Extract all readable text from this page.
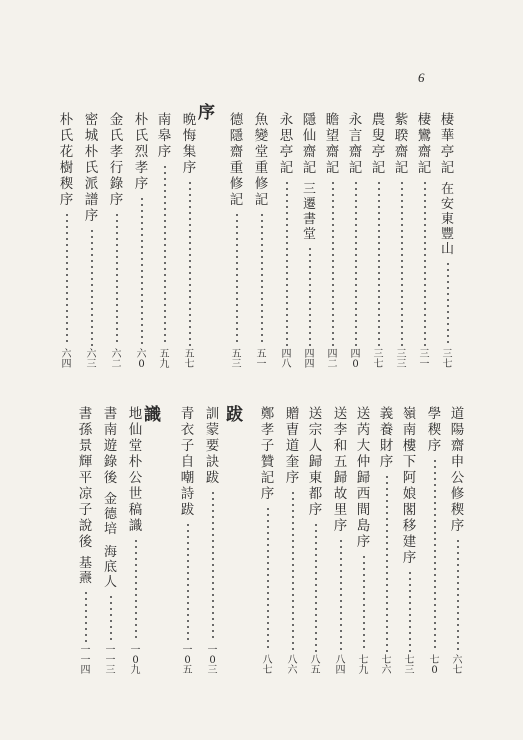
6
序
跋
識
棲
華
亭
記
在
安
東
豐
山
三
七
棲
鸞
齋
記
三
一
紫
聧
齋
記
三
三
農
叟
亭
記
三
七
永
言
齋
記
四
0
瞻
望
齋
記
四
二
隱
仙
齋
記
三
遷
書
堂
四
四
永
思
亭
記
四
八
魚
變
堂
重
修
記
五
一
德
隱
齋
重
修
記
五
三
晩
悔
集
序
五
七
南
皋
序
五
九
朴
氏
烈
孝
序
六
0
金
氏
孝
行
錄
序
六
二
密
城
朴
氏
派
譜
序
六
三
朴
氏
花
樹
稧
序
六
四
道
陽
齋
申
公
修
稧
序
六
七
學
稧
序
七
0
嶺
南
樓
下
阿
娘
閣
移
建
序
七
三
義
養
財
序
七
六
送
芮
大
仲
歸
西
間
島
序
七
九
送
李
和
五
歸
故
里
序
八
四
送
宗
人
歸
東
都
序
八
五
贈
曺
道
奎
序
八
六
鄭
孝
子
贊
記
序
八
七
訓
蒙
要
訣
跋
一
0
三
青
衣
子
自
嘲
詩
跋
一
0
五
地
仙
堂
朴
公
世
稿
識
一
0
九
書
南
遊
錄
後
金
德
培
海
底
人
一
一
三
書
孫
景
輝
平
凉
子
說
後
基
燾
一
一
四
